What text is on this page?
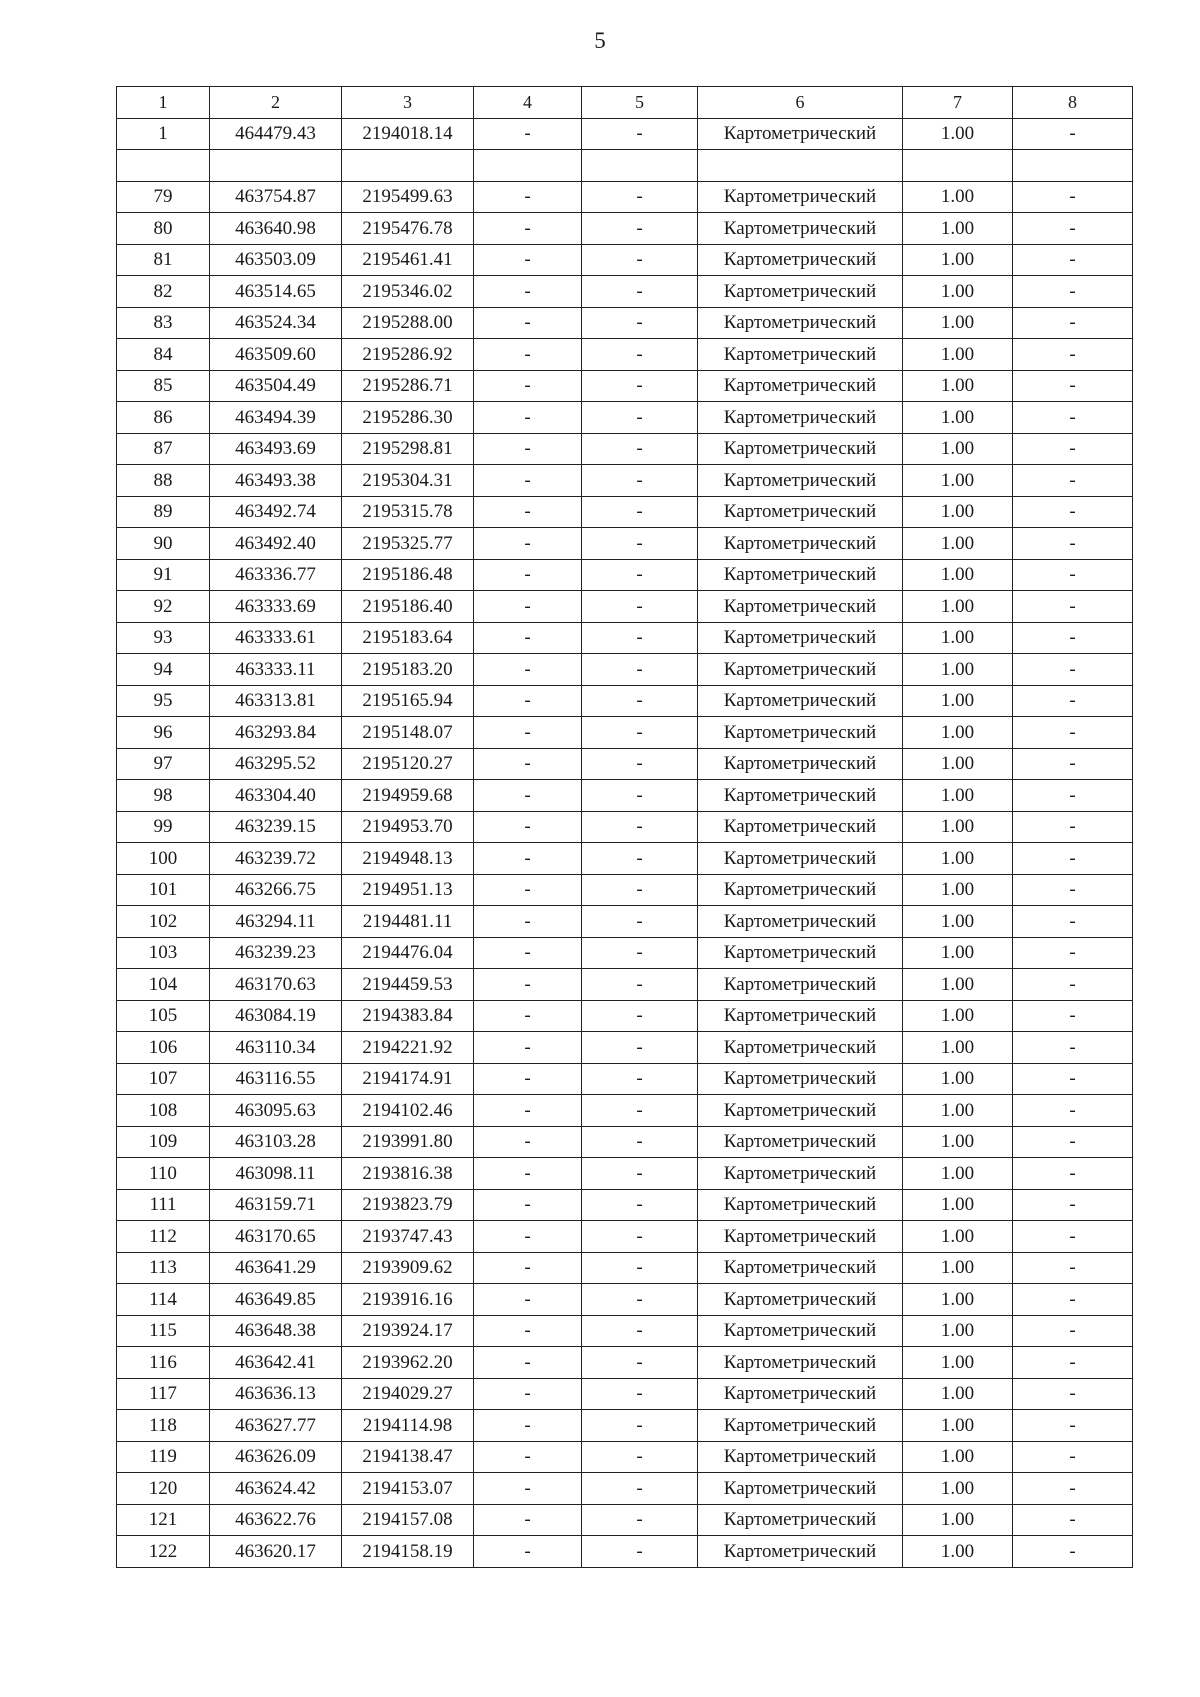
5
1	2	3	4	5	6	7	8
1	464479.43	2194018.14	-	-	Картометрический	1.00	-

79	463754.87	2195499.63	-	-	Картометрический	1.00	-
80	463640.98	2195476.78	-	-	Картометрический	1.00	-
81	463503.09	2195461.41	-	-	Картометрический	1.00	-
82	463514.65	2195346.02	-	-	Картометрический	1.00	-
83	463524.34	2195288.00	-	-	Картометрический	1.00	-
84	463509.60	2195286.92	-	-	Картометрический	1.00	-
85	463504.49	2195286.71	-	-	Картометрический	1.00	-
86	463494.39	2195286.30	-	-	Картометрический	1.00	-
87	463493.69	2195298.81	-	-	Картометрический	1.00	-
88	463493.38	2195304.31	-	-	Картометрический	1.00	-
89	463492.74	2195315.78	-	-	Картометрический	1.00	-
90	463492.40	2195325.77	-	-	Картометрический	1.00	-
91	463336.77	2195186.48	-	-	Картометрический	1.00	-
92	463333.69	2195186.40	-	-	Картометрический	1.00	-
93	463333.61	2195183.64	-	-	Картометрический	1.00	-
94	463333.11	2195183.20	-	-	Картометрический	1.00	-
95	463313.81	2195165.94	-	-	Картометрический	1.00	-
96	463293.84	2195148.07	-	-	Картометрический	1.00	-
97	463295.52	2195120.27	-	-	Картометрический	1.00	-
98	463304.40	2194959.68	-	-	Картометрический	1.00	-
99	463239.15	2194953.70	-	-	Картометрический	1.00	-
100	463239.72	2194948.13	-	-	Картометрический	1.00	-
101	463266.75	2194951.13	-	-	Картометрический	1.00	-
102	463294.11	2194481.11	-	-	Картометрический	1.00	-
103	463239.23	2194476.04	-	-	Картометрический	1.00	-
104	463170.63	2194459.53	-	-	Картометрический	1.00	-
105	463084.19	2194383.84	-	-	Картометрический	1.00	-
106	463110.34	2194221.92	-	-	Картометрический	1.00	-
107	463116.55	2194174.91	-	-	Картометрический	1.00	-
108	463095.63	2194102.46	-	-	Картометрический	1.00	-
109	463103.28	2193991.80	-	-	Картометрический	1.00	-
110	463098.11	2193816.38	-	-	Картометрический	1.00	-
111	463159.71	2193823.79	-	-	Картометрический	1.00	-
112	463170.65	2193747.43	-	-	Картометрический	1.00	-
113	463641.29	2193909.62	-	-	Картометрический	1.00	-
114	463649.85	2193916.16	-	-	Картометрический	1.00	-
115	463648.38	2193924.17	-	-	Картометрический	1.00	-
116	463642.41	2193962.20	-	-	Картометрический	1.00	-
117	463636.13	2194029.27	-	-	Картометрический	1.00	-
118	463627.77	2194114.98	-	-	Картометрический	1.00	-
119	463626.09	2194138.47	-	-	Картометрический	1.00	-
120	463624.42	2194153.07	-	-	Картометрический	1.00	-
121	463622.76	2194157.08	-	-	Картометрический	1.00	-
122	463620.17	2194158.19	-	-	Картометрический	1.00	-
